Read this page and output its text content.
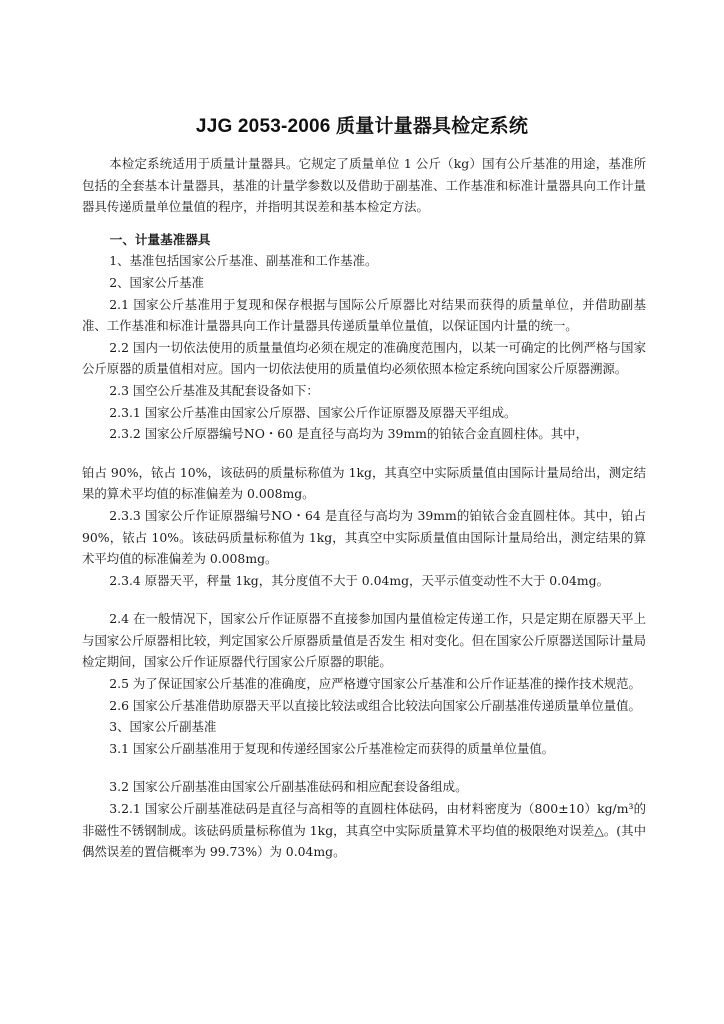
JJG 2053-2006 质量计量器具检定系统

本检定系统适用于质量计量器具。它规定了质量单位 1 公斤（kg）国有公斤基准的用途，基准所包括的全套基本计量器具，基准的计量学参数以及借助于副基准、工作基准和标准计量器具向工作计量器具传递质量单位量值的程序，并指明其误差和基本检定方法。

一、计量基准器具

1、基准包括国家公斤基准、副基准和工作基准。

2、国家公斤基准

2.1 国家公斤基准用于复现和保存根据与国际公斤原器比对结果而获得的质量单位，并借助副基准、工作基准和标准计量器具向工作计量器具传递质量单位量值，以保证国内计量的统一。

2.2 国内一切依法使用的质量量值均必须在规定的准确度范围内，以某一可确定的比例严格与国家公斤原器的质量值相对应。国内一切依法使用的质量值均必须依照本检定系统向国家公斤原器溯源。

2.3 国空公斤基准及其配套设备如下：

2.3.1 国家公斤基准由国家公斤原器、国家公斤作证原器及原器天平组成。

2.3.2 国家公斤原器编号NO・60 是直径与高均为 39mm的铂铱合金直圆柱体。其中，

铂占 90%，铱占 10%，该砝码的质量标称值为 1kg，其真空中实际质量值由国际计量局给出，测定结果的算术平均值的标准偏差为 0.008mg。

2.3.3 国家公斤作证原器编号NO・64 是直径与高均为 39mm的铂铱合金直圆柱体。其中，铂占 90%，铱占 10%。该砝码质量标称值为 1kg，其真空中实际质量值由国际计量局给出，测定结果的算术平均值的标准偏差为 0.008mg。

2.3.4 原器天平，秤量 1kg，其分度值不大于 0.04mg，天平示值变动性不大于 0.04mg。

2.4 在一般情况下，国家公斤作证原器不直接参加国内量值检定传递工作，只是定期在原器天平上与国家公斤原器相比较，判定国家公斤原器质量值是否发生 相对变化。但在国家公斤原器送国际计量局检定期间，国家公斤作证原器代行国家公斤原器的职能。

2.5 为了保证国家公斤基准的准确度，应严格遵守国家公斤基准和公斤作证基准的操作技术规范。

2.6 国家公斤基准借助原器天平以直接比较法或组合比较法向国家公斤副基准传递质量单位量值。

3、国家公斤副基准

3.1 国家公斤副基准用于复现和传递经国家公斤基准检定而获得的质量单位量值。

3.2 国家公斤副基准由国家公斤副基准砝码和相应配套设备组成。

3.2.1 国家公斤副基准砝码是直径与高相等的直圆柱体砝码，由材料密度为（800±10）kg/m³的非磁性不锈钢制成。该砝码质量标称值为 1kg，其真空中实际质量算术平均值的极限绝对误差△。(其中偶然误差的置信概率为 99.73%）为 0.04mg。
